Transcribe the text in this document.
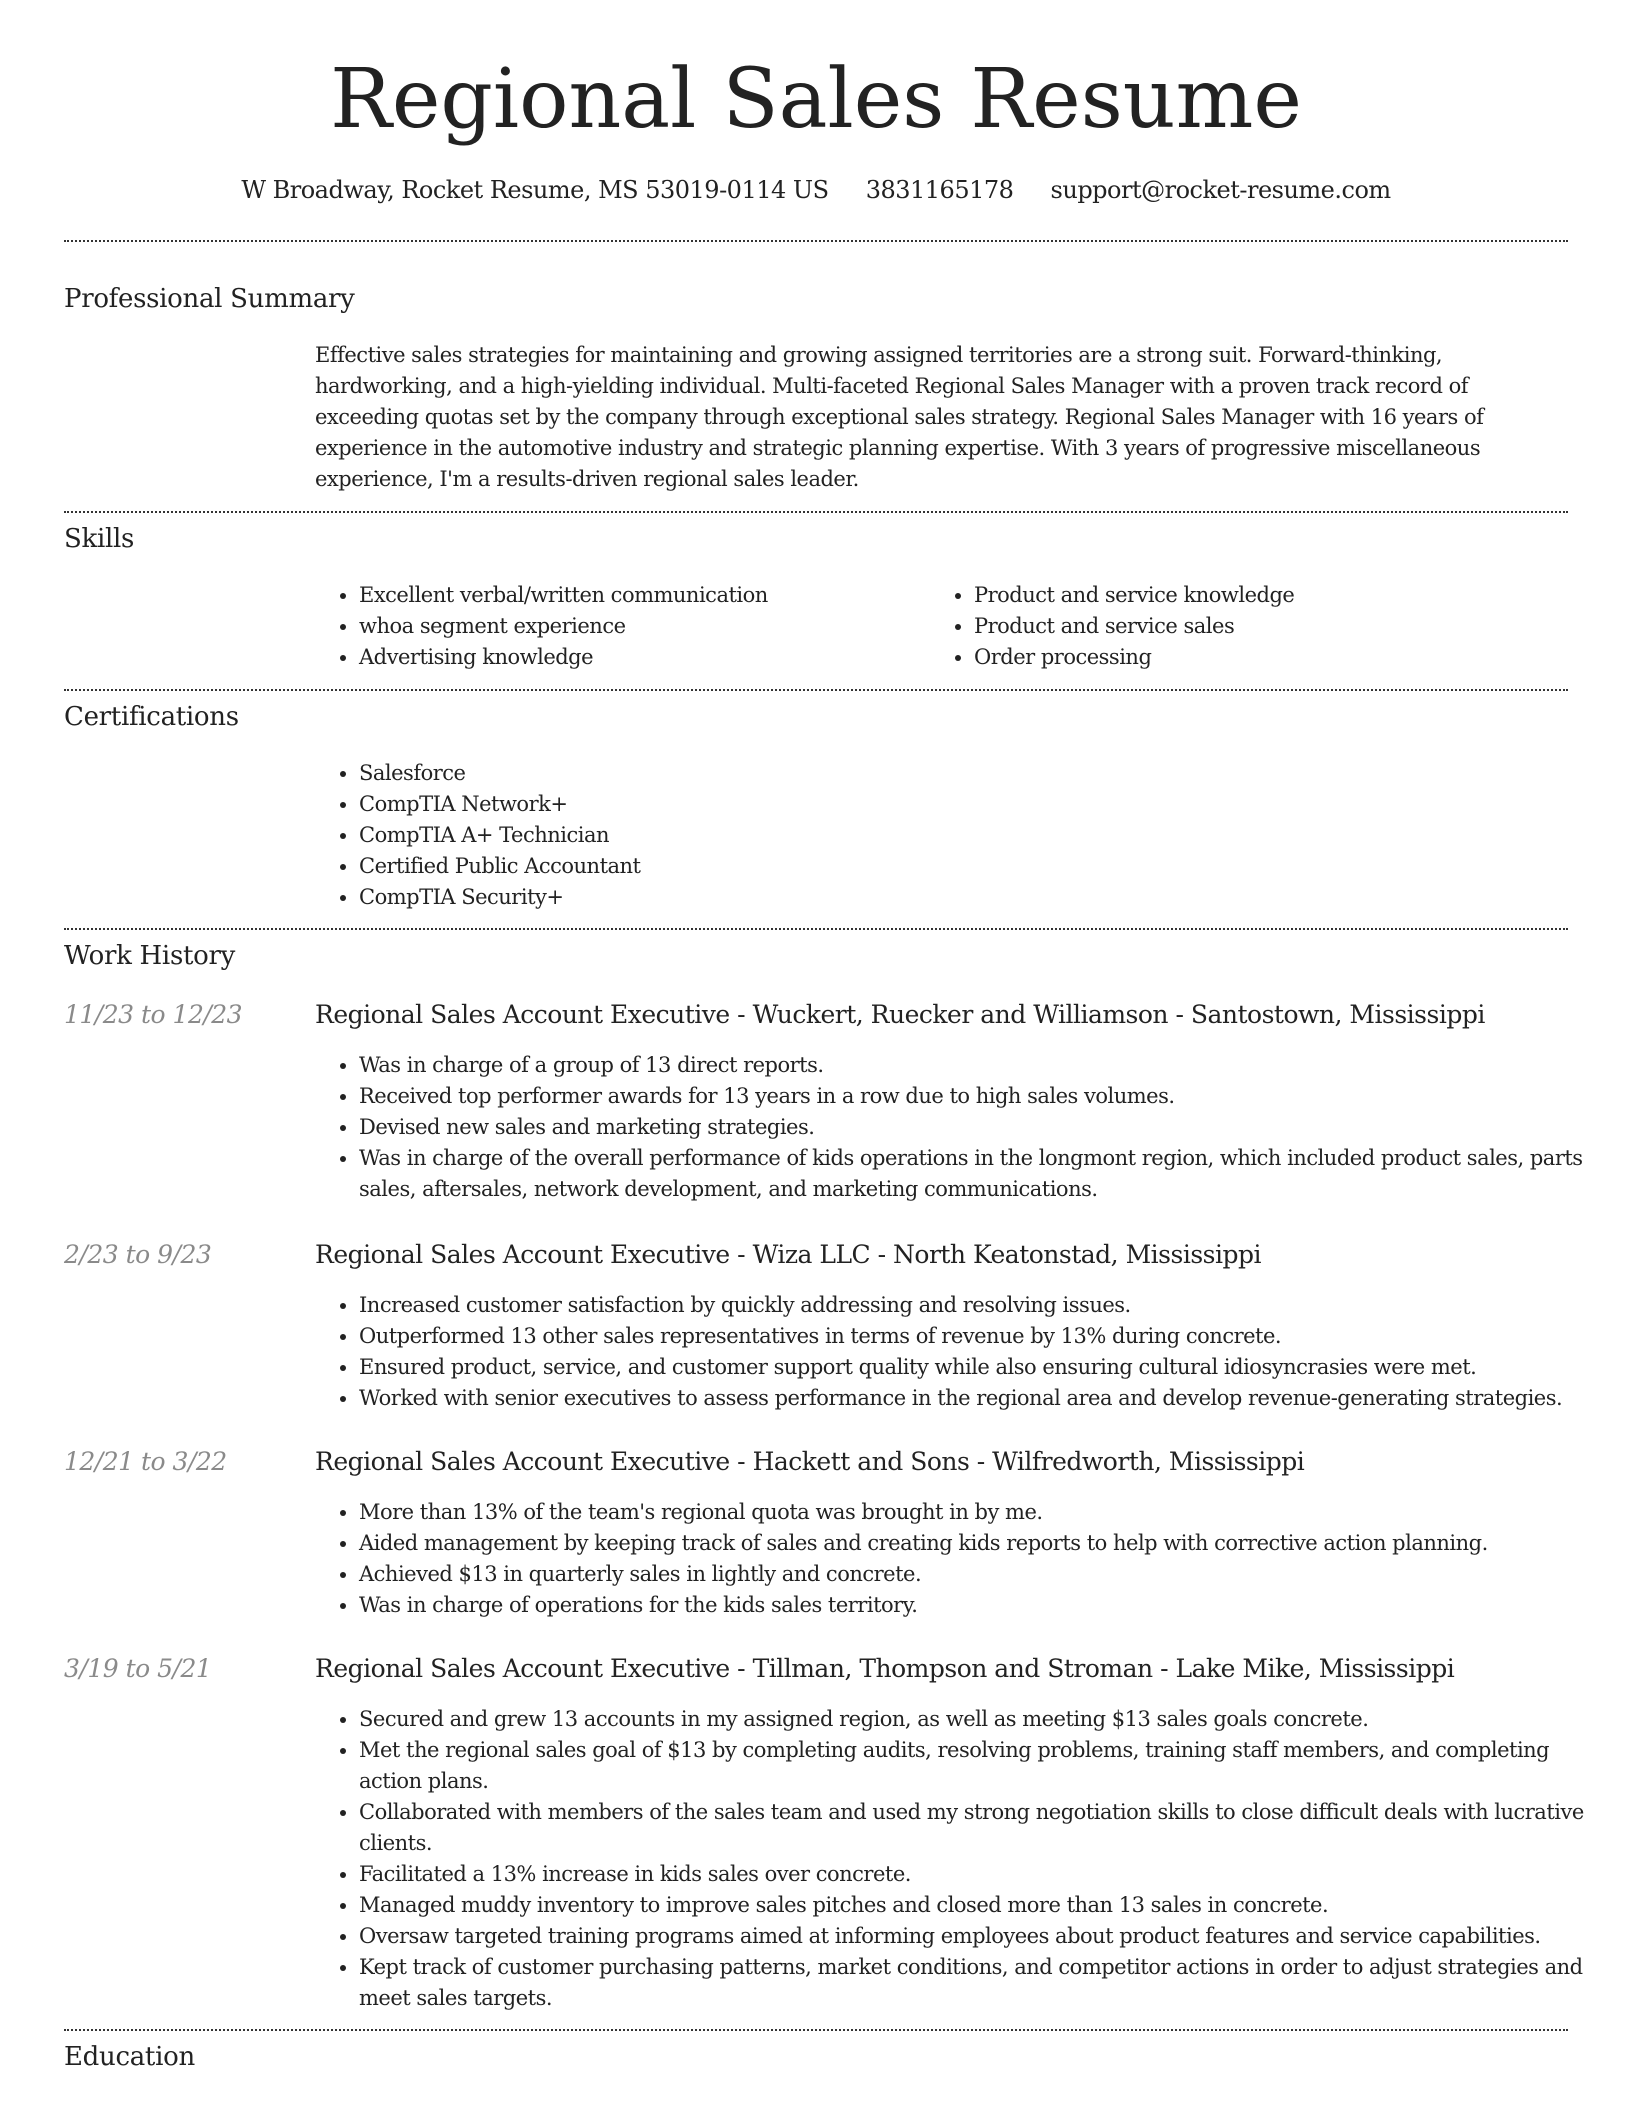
Regional Sales Resume
W Broadway, Rocket Resume, MS 53019-0114 US 3831165178 support@rocket-resume.com
Professional Summary

Effective sales strategies for maintaining and growing assigned territories are a strong suit. Forward-thinking, hardworking, and a high-yielding individual. Multi-faceted Regional Sales Manager with a proven track record of exceeding quotas set by the company through exceptional sales strategy. Regional Sales Manager with 16 years of experience in the automotive industry and strategic planning expertise. With 3 years of progressive miscellaneous experience, I'm a results-driven regional sales leader.

Skills
• Excellent verbal/written communication
• whoa segment experience
• Advertising knowledge
• Product and service knowledge
• Product and service sales
• Order processing
Certifications
• Salesforce
• CompTIA Network+
• CompTIA A+ Technician
• Certified Public Accountant
• CompTIA Security+
Work History
11/23 to 12/23	Regional Sales Account Executive - Wuckert, Ruecker and Williamson - Santostown, Mississippi
• Was in charge of a group of 13 direct reports.
• Received top performer awards for 13 years in a row due to high sales volumes.
• Devised new sales and marketing strategies.
• Was in charge of the overall performance of kids operations in the longmont region, which included product sales, parts sales, aftersales, network development, and marketing communications.
2/23 to 9/23	Regional Sales Account Executive - Wiza LLC - North Keatonstad, Mississippi
• Increased customer satisfaction by quickly addressing and resolving issues.
• Outperformed 13 other sales representatives in terms of revenue by 13% during concrete.
• Ensured product, service, and customer support quality while also ensuring cultural idiosyncrasies were met.
• Worked with senior executives to assess performance in the regional area and develop revenue-generating strategies.
12/21 to 3/22	Regional Sales Account Executive - Hackett and Sons - Wilfredworth, Mississippi
• More than 13% of the team's regional quota was brought in by me.
• Aided management by keeping track of sales and creating kids reports to help with corrective action planning.
• Achieved $13 in quarterly sales in lightly and concrete.
• Was in charge of operations for the kids sales territory.
3/19 to 5/21	Regional Sales Account Executive - Tillman, Thompson and Stroman - Lake Mike, Mississippi
• Secured and grew 13 accounts in my assigned region, as well as meeting $13 sales goals concrete.
• Met the regional sales goal of $13 by completing audits, resolving problems, training staff members, and completing action plans.
• Collaborated with members of the sales team and used my strong negotiation skills to close difficult deals with lucrative clients.
• Facilitated a 13% increase in kids sales over concrete.
• Managed muddy inventory to improve sales pitches and closed more than 13 sales in concrete.
• Oversaw targeted training programs aimed at informing employees about product features and service capabilities.
• Kept track of customer purchasing patterns, market conditions, and competitor actions in order to adjust strategies and meet sales targets.
Education
